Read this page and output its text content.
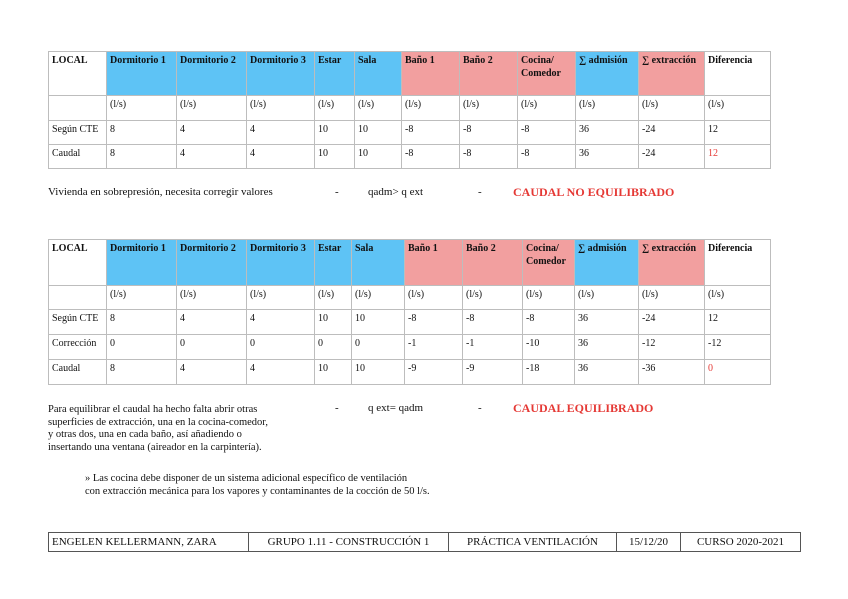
LOCAL	Dormitorio 1	Dormitorio 2	Dormitorio 3	Estar	Sala	Baño 1	Baño 2	Cocina/ Comedor	∑ admisión	∑ extracción	Diferencia
	(l/s)	(l/s)	(l/s)	(l/s)	(l/s)	(l/s)	(l/s)	(l/s)	(l/s)	(l/s)	(l/s)
Según CTE	8	4	4	10	10	-8	-8	-8	36	-24	12
Caudal	8	4	4	10	10	-8	-8	-8	36	-24	12
Vivienda en sobrepresión, necesita corregir valores	-	qadm> q ext	-	CAUDAL NO EQUILIBRADO
LOCAL	Dormitorio 1	Dormitorio 2	Dormitorio 3	Estar	Sala	Baño 1	Baño 2	Cocina/ Comedor	∑ admisión	∑ extracción	Diferencia
	(l/s)	(l/s)	(l/s)	(l/s)	(l/s)	(l/s)	(l/s)	(l/s)	(l/s)	(l/s)	(l/s)
Según CTE	8	4	4	10	10	-8	-8	-8	36	-24	12
Corrección	0	0	0	0	0	-1	-1	-10	36	-12	-12
Caudal	8	4	4	10	10	-9	-9	-18	36	-36	0
Para equilibrar el caudal ha hecho falta abrir otras
superficies de extracción, una en la cocina-comedor,
y otras dos, una en cada baño, así añadiendo o
insertando una ventana (aireador en la carpintería).
-	q ext= qadm	-	CAUDAL EQUILIBRADO
» Las cocina debe disponer de un sistema adicional específico de ventilación
con extracción mecánica para los vapores y contaminantes de la cocción de 50 l/s.
ENGELEN KELLERMANN, ZARA	GRUPO 1.11 - CONSTRUCCIÓN 1	PRÁCTICA VENTILACIÓN	15/12/20	CURSO 2020-2021
